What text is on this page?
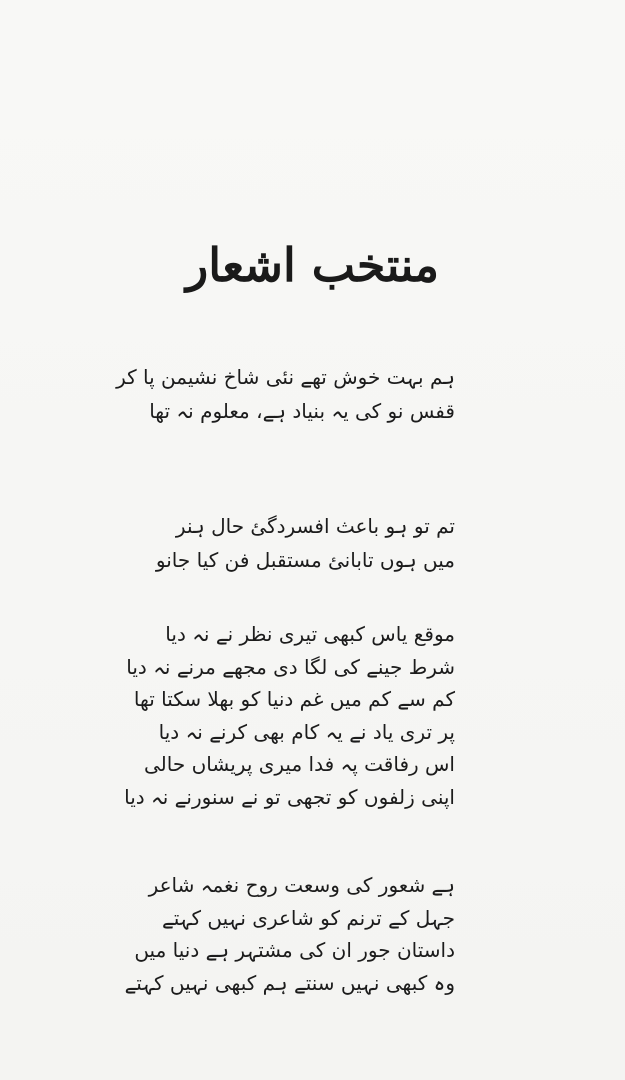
منتخب اشعار
ہم بہت خوش تھے نئی شاخ نشیمن پا کر
قفس نو کی یہ بنیاد ہے، معلوم نہ تھا
تم تو ہو باعث افسردگئ حال ہنر
میں ہوں تابانئ مستقبل فن کیا جانو
موقع یاس کبھی تیری نظر نے نہ دیا
شرط جینے کی لگا دی مجھے مرنے نہ دیا
کم سے کم میں غم دنیا کو بھلا سکتا تھا
پر تری یاد نے یہ کام بھی کرنے نہ دیا
اس رفاقت پہ فدا میری پریشاں حالی
اپنی زلفوں کو تجھی تو نے سنورنے نہ دیا
ہے شعور کی وسعت روح نغمہ شاعر
جہل کے ترنم کو شاعری نہیں کہتے
داستان جور ان کی مشتہر ہے دنیا میں
وہ کبھی نہیں سنتے ہم کبھی نہیں کہتے
